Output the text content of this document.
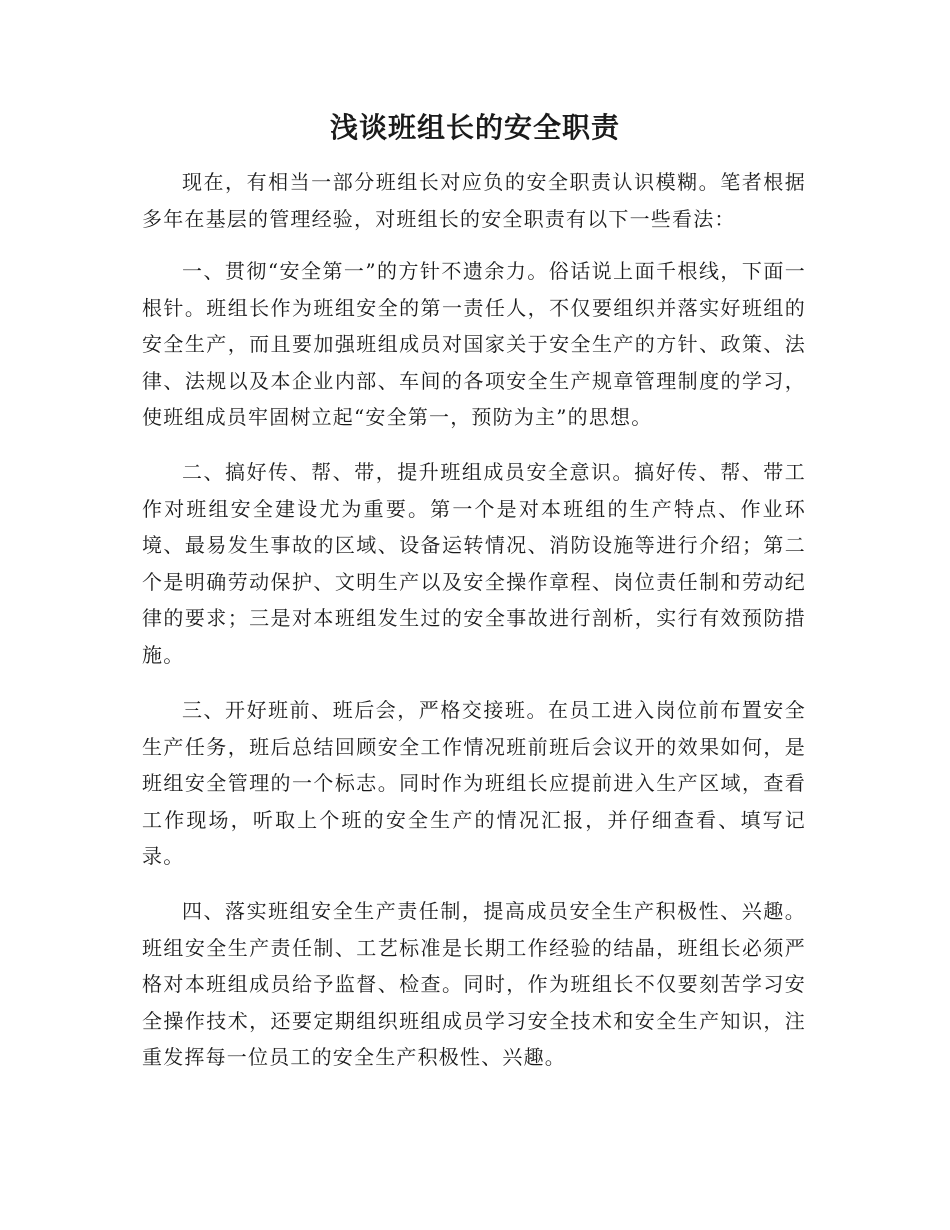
浅谈班组长的安全职责

现在，有相当一部分班组长对应负的安全职责认识模糊。笔者根据多年在基层的管理经验，对班组长的安全职责有以下一些看法：

一、贯彻“安全第一”的方针不遗余力。俗话说上面千根线，下面一根针。班组长作为班组安全的第一责任人，不仅要组织并落实好班组的安全生产，而且要加强班组成员对国家关于安全生产的方针、政策、法律、法规以及本企业内部、车间的各项安全生产规章管理制度的学习，使班组成员牢固树立起“安全第一，预防为主”的思想。

二、搞好传、帮、带，提升班组成员安全意识。搞好传、帮、带工作对班组安全建设尤为重要。第一个是对本班组的生产特点、作业环境、最易发生事故的区域、设备运转情况、消防设施等进行介绍；第二个是明确劳动保护、文明生产以及安全操作章程、岗位责任制和劳动纪律的要求；三是对本班组发生过的安全事故进行剖析，实行有效预防措施。

三、开好班前、班后会，严格交接班。在员工进入岗位前布置安全生产任务，班后总结回顾安全工作情况班前班后会议开的效果如何，是班组安全管理的一个标志。同时作为班组长应提前进入生产区域，查看工作现场，听取上个班的安全生产的情况汇报，并仔细查看、填写记录。

四、落实班组安全生产责任制，提高成员安全生产积极性、兴趣。班组安全生产责任制、工艺标准是长期工作经验的结晶，班组长必须严格对本班组成员给予监督、检查。同时，作为班组长不仅要刻苦学习安全操作技术，还要定期组织班组成员学习安全技术和安全生产知识，注重发挥每一位员工的安全生产积极性、兴趣。
